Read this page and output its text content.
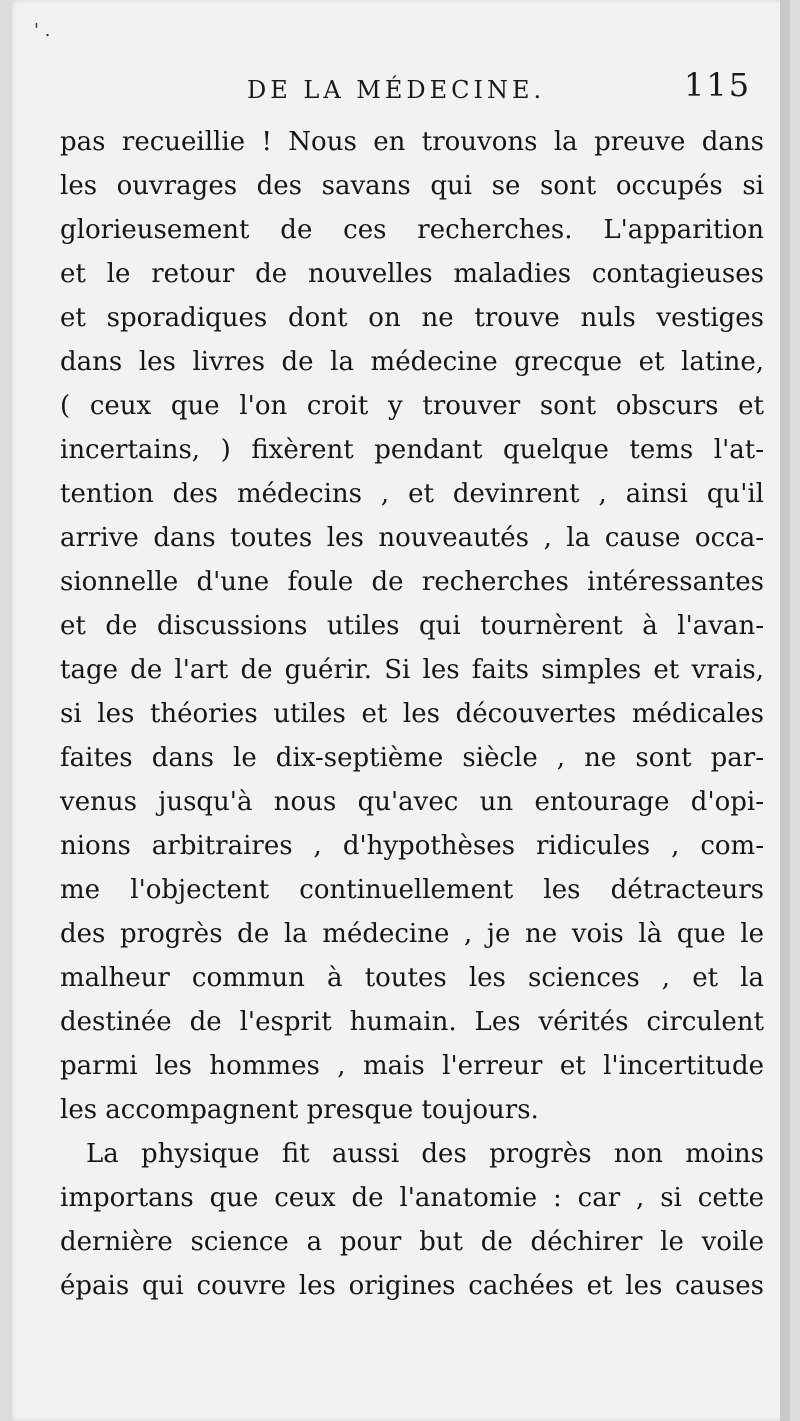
' .
DE LA MÉDECINE.	115
pas recueillie ! Nous en trouvons la preuve dans
les ouvrages des savans qui se sont occupés si
glorieusement de ces recherches. L'apparition
et le retour de nouvelles maladies contagieuses
et sporadiques dont on ne trouve nuls vestiges
dans les livres de la médecine grecque et latine,
( ceux que l'on croit y trouver sont obscurs et
incertains, ) fixèrent pendant quelque tems l'at-
tention des médecins , et devinrent , ainsi qu'il
arrive dans toutes les nouveautés , la cause occa-
sionnelle d'une foule de recherches intéressantes
et de discussions utiles qui tournèrent à l'avan-
tage de l'art de guérir. Si les faits simples et vrais,
si les théories utiles et les découvertes médicales
faites dans le dix-septième siècle , ne sont par-
venus jusqu'à nous qu'avec un entourage d'opi-
nions arbitraires , d'hypothèses ridicules , com-
me l'objectent continuellement les détracteurs
des progrès de la médecine , je ne vois là que le
malheur commun à toutes les sciences , et la
destinée de l'esprit humain. Les vérités circulent
parmi les hommes , mais l'erreur et l'incertitude
les accompagnent presque toujours.
La physique fit aussi des progrès non moins
importans que ceux de l'anatomie : car , si cette
dernière science a pour but de déchirer le voile
épais qui couvre les origines cachées et les causes
